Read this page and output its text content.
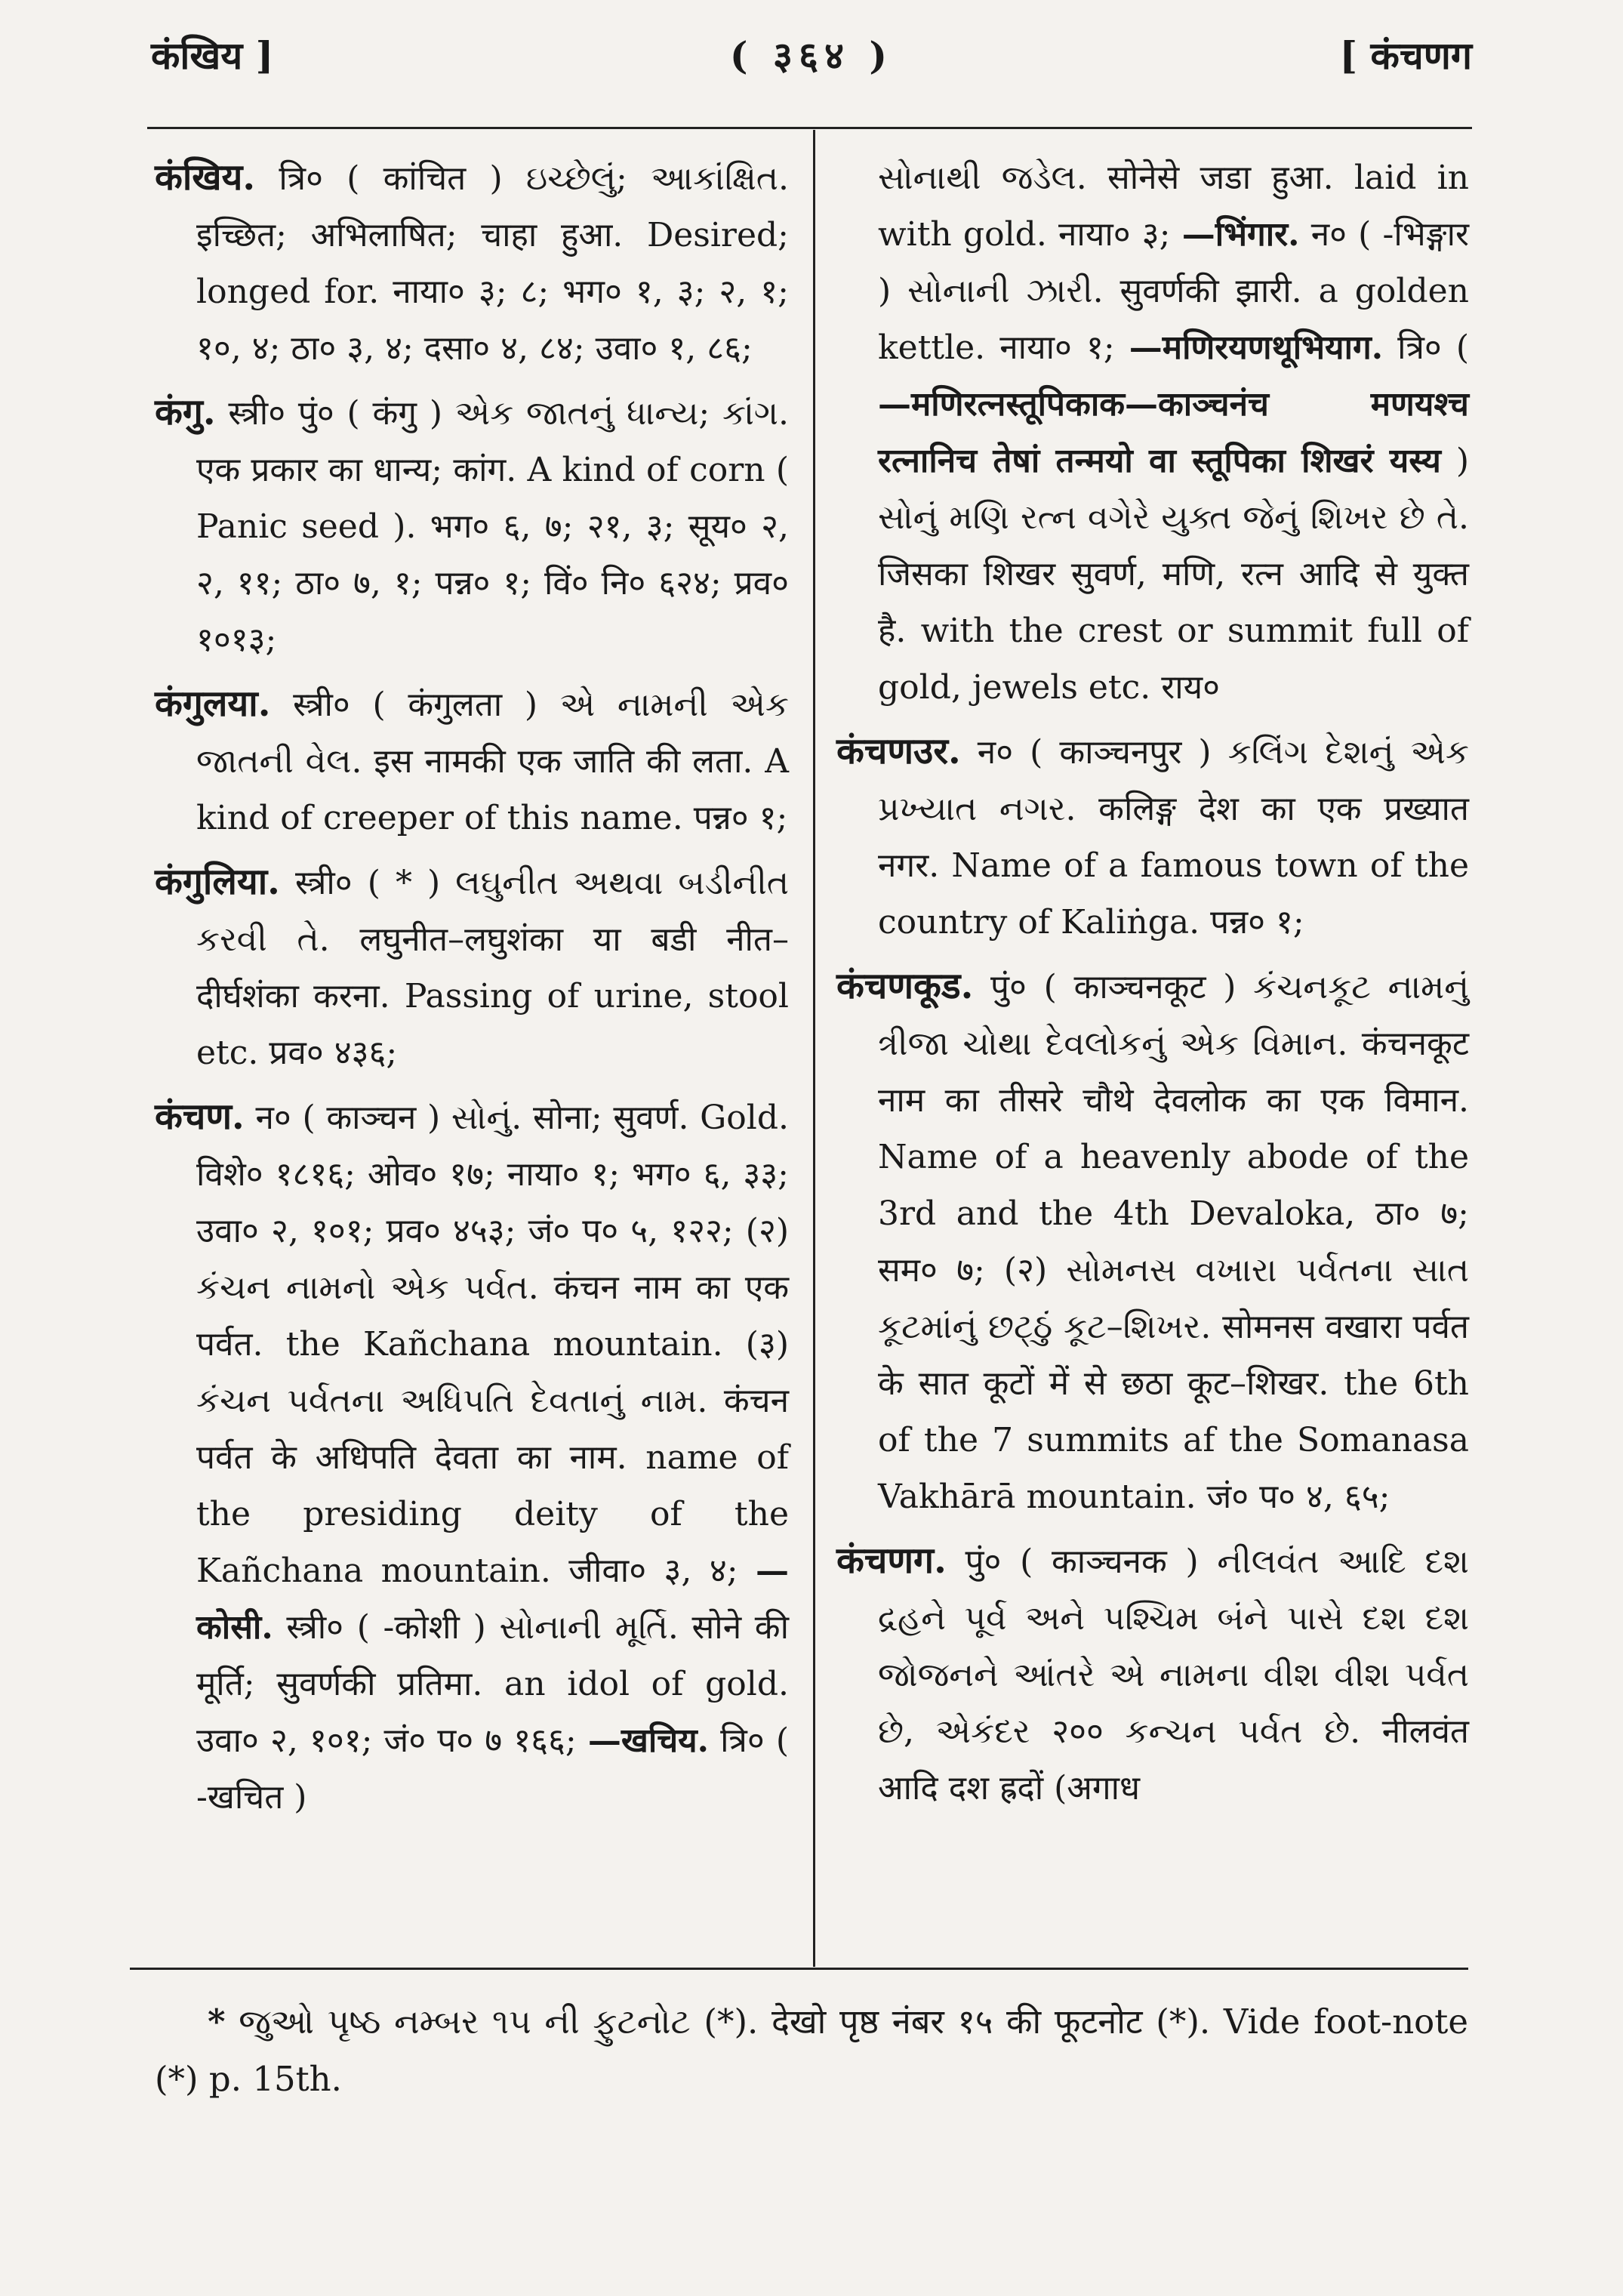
कंखिय ]	( ३६४ )	[ कंचणग

कंखिय. त्रि० ( कांचित ) ઇચ્છેલું; આકાંક્ષિત. इच्छित; अभिलाषित; चाहा हुआ. Desired; longed for. नाया० ३; ८; भग० १, ३; २, १; १०, ४; ठा० ३, ४; दसा० ४, ८४; उवा० १, ८६;

कंगु. स्त्री० पुं० ( कंगु ) એક જાતનું ધાન્ય; કાંગ. एक प्रकार का धान्य; कांग. A kind of corn ( Panic seed ). भग० ६, ७; २१, ३; सूय० २, २, ११; ठा० ७, १; पन्न० १; विं० नि० ६२४; प्रव० १०१३;

कंगुलया. स्त्री० ( कंगुलता ) એ નામની એક જાતની વેલ. इस नामकी एक जाति की लता. A kind of creeper of this name. पन्न० १;

कंगुलिया. स्त्री० ( * ) લઘુનીત અથવા બડીનીત કરવી તે. लघुनीत–लघुशंका या बडी नीत–दीर्घशंका करना. Passing of urine, stool etc. प्रव० ४३६;

कंचण. न० ( काञ्चन ) સોનું. सोना; सुवर्ण. Gold. विशे० १८१६; ओव० १७; नाया० १; भग० ६, ३३; उवा० २, १०१; प्रव० ४५३; जं० प० ५, १२२; (२) કંચન નામનો એક પર્વત. कंचन नाम का एक पर्वत. the Kañchana mountain. (३) કંચન પર્વતના અધિપતિ દેવતાનું નામ. कंचन पर्वत के अधिपति देवता का नाम. name of the presiding deity of the Kañchana mountain. जीवा० ३, ४; —कोसी. स्त्री० ( -कोशी ) સોનાની મૂર્તિ. सोने की मूर्ति; सुवर्णकी प्रतिमा. an idol of gold. उवा० २, १०१; जं० प० ७ १६६; —खचिय. त्रि० ( -खचित )

સોનાથી જડેલ. सोनेसे जडा हुआ. laid in with gold. नाया० ३; —भिंगार. न० ( -भिङ्गार ) સોનાની ઝારી. सुवर्णकी झारी. a golden kettle. नाया० १; —मणिरयणथूभियाग. त्रि० ( —मणिरत्नस्तूपिकाक—काञ्चनंच मणयश्च रत्नानिच तेषां तन्मयो वा स्तूपिका शिखरं यस्य ) સોનું મણિ રત્ન વગેરે યુક્ત જેનું શિખર છે તે. जिसका शिखर सुवर्ण, मणि, रत्न आदि से युक्त है. with the crest or summit full of gold, jewels etc. राय०

कंचणउर. न० ( काञ्चनपुर ) કલિંગ દેશનું એક પ્રખ્યાત નગર. कलिङ्ग देश का एक प्रख्यात नगर. Name of a famous town of the country of Kaliṅga. पन्न० १;

कंचणकूड. पुं० ( काञ्चनकूट ) કંચનકૂટ નામનું ત્રીજા ચોથા દેવલોકનું એક વિમાન. कंचनकूट नाम का तीसरे चौथे देवलोक का एक विमान. Name of a heavenly abode of the 3rd and the 4th Devaloka, ठा० ७; सम० ७; (२) સોમનસ વખારા પર્વતના સાત કૂટમાંનું છટ્ઠું કૂટ–શિખર. सोमनस वखारा पर्वत के सात कूटों में से छठा कूट–शिखर. the 6th of the 7 summits af the Somanasa Vakhārā mountain. जं० प० ४, ६५;

कंचणग. पुं० ( काञ्चनक ) નીલવંત આદિ દશ દ્રહને પૂર્વ અને પશ્ચિમ બંને પાસે દશ દશ જોજનને આંતરે એ નામના વીશ વીશ પર્વત છે, એકંદર २०० કન્ચન પર્વત છે. नीलवंत आदि दश ह्रदों (अगाध

* જુઓ પૃષ્ઠ નમ્બર ૧૫ ની ફુટનોટ (*). देखो पृष्ठ नंबर १५ की फूटनोट (*). Vide foot-note (*) p. 15th.
